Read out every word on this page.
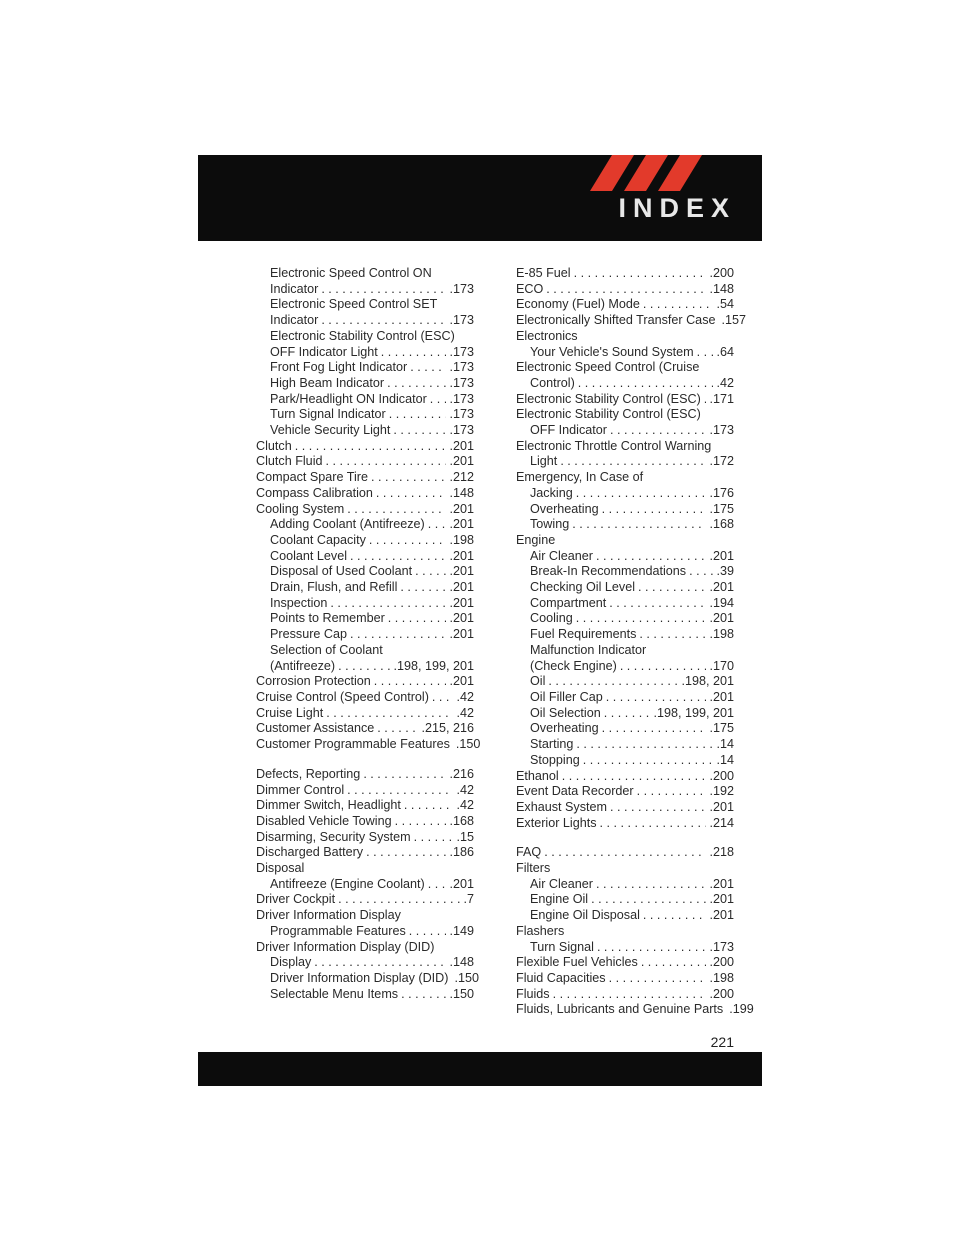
INDEX
Electronic Speed Control ON
Indicator . . .	.173
Electronic Speed Control SET
Indicator . . .	.173
Electronic Stability Control (ESC)
OFF Indicator Light . . .	.173
Front Fog Light Indicator . . .	.173
High Beam Indicator . . .	.173
Park/Headlight ON Indicator . . . .173
Turn Signal Indicator . . .	.173
Vehicle Security Light . . .	.173
Clutch . . .	.201
Clutch Fluid . . .	.201
Compact Spare Tire . . .	.212
Compass Calibration . . .	.148
Cooling System . . .	.201
Adding Coolant (Antifreeze) . . . .201
Coolant Capacity . . .	.198
Coolant Level . . .	.201
Disposal of Used Coolant . . .	.201
Drain, Flush, and Refill . . .	.201
Inspection . . .	.201
Points to Remember . . .	.201
Pressure Cap . . .	.201
Selection of Coolant
(Antifreeze) . . .	.198, 199, 201
Corrosion Protection . . .	.201
Cruise Control (Speed Control) . . . .42
Cruise Light . . .	.42
Customer Assistance . . .	.215, 216
Customer Programmable Features .150
Defects, Reporting . . .	.216
Dimmer Control . . .	.42
Dimmer Switch, Headlight . . .	.42
Disabled Vehicle Towing . . .	.168
Disarming, Security System . . .	.15
Discharged Battery . . .	.186
Disposal
Antifreeze (Engine Coolant) . . . .201
Driver Cockpit . . .	.7
Driver Information Display
Programmable Features . . .	.149
Driver Information Display (DID)
Display . . .	.148
Driver Information Display (DID) .150
Selectable Menu Items . . .	.150
E-85 Fuel . . .	.200
ECO . . .	.148
Economy (Fuel) Mode . . .	.54
Electronically Shifted Transfer Case .157
Electronics
Your Vehicle's Sound System . . . .64
Electronic Speed Control (Cruise
Control) . . .	.42
Electronic Stability Control (ESC) . . . .171
Electronic Stability Control (ESC)
OFF Indicator . . .	.173
Electronic Throttle Control Warning
Light . . .	.172
Emergency, In Case of
Jacking . . .	.176
Overheating . . .	.175
Towing . . .	.168
Engine
Air Cleaner . . .	.201
Break-In Recommendations . . . .39
Checking Oil Level . . .	.201
Compartment . . .	.194
Cooling . . .	.201
Fuel Requirements . . .	.198
Malfunction Indicator
(Check Engine) . . .	.170
Oil . . .	.198, 201
Oil Filler Cap . . .	.201
Oil Selection . . .	.198, 199, 201
Overheating . . .	.175
Starting . . .	.14
Stopping . . .	.14
Ethanol . . .	.200
Event Data Recorder . . .	.192
Exhaust System . . .	.201
Exterior Lights . . .	.214
FAQ . . .	.218
Filters
Air Cleaner . . .	.201
Engine Oil . . .	.201
Engine Oil Disposal . . .	.201
Flashers
Turn Signal . . .	.173
Flexible Fuel Vehicles . . .	.200
Fluid Capacities . . .	.198
Fluids . . .	.200
Fluids, Lubricants and Genuine Parts .199
221
